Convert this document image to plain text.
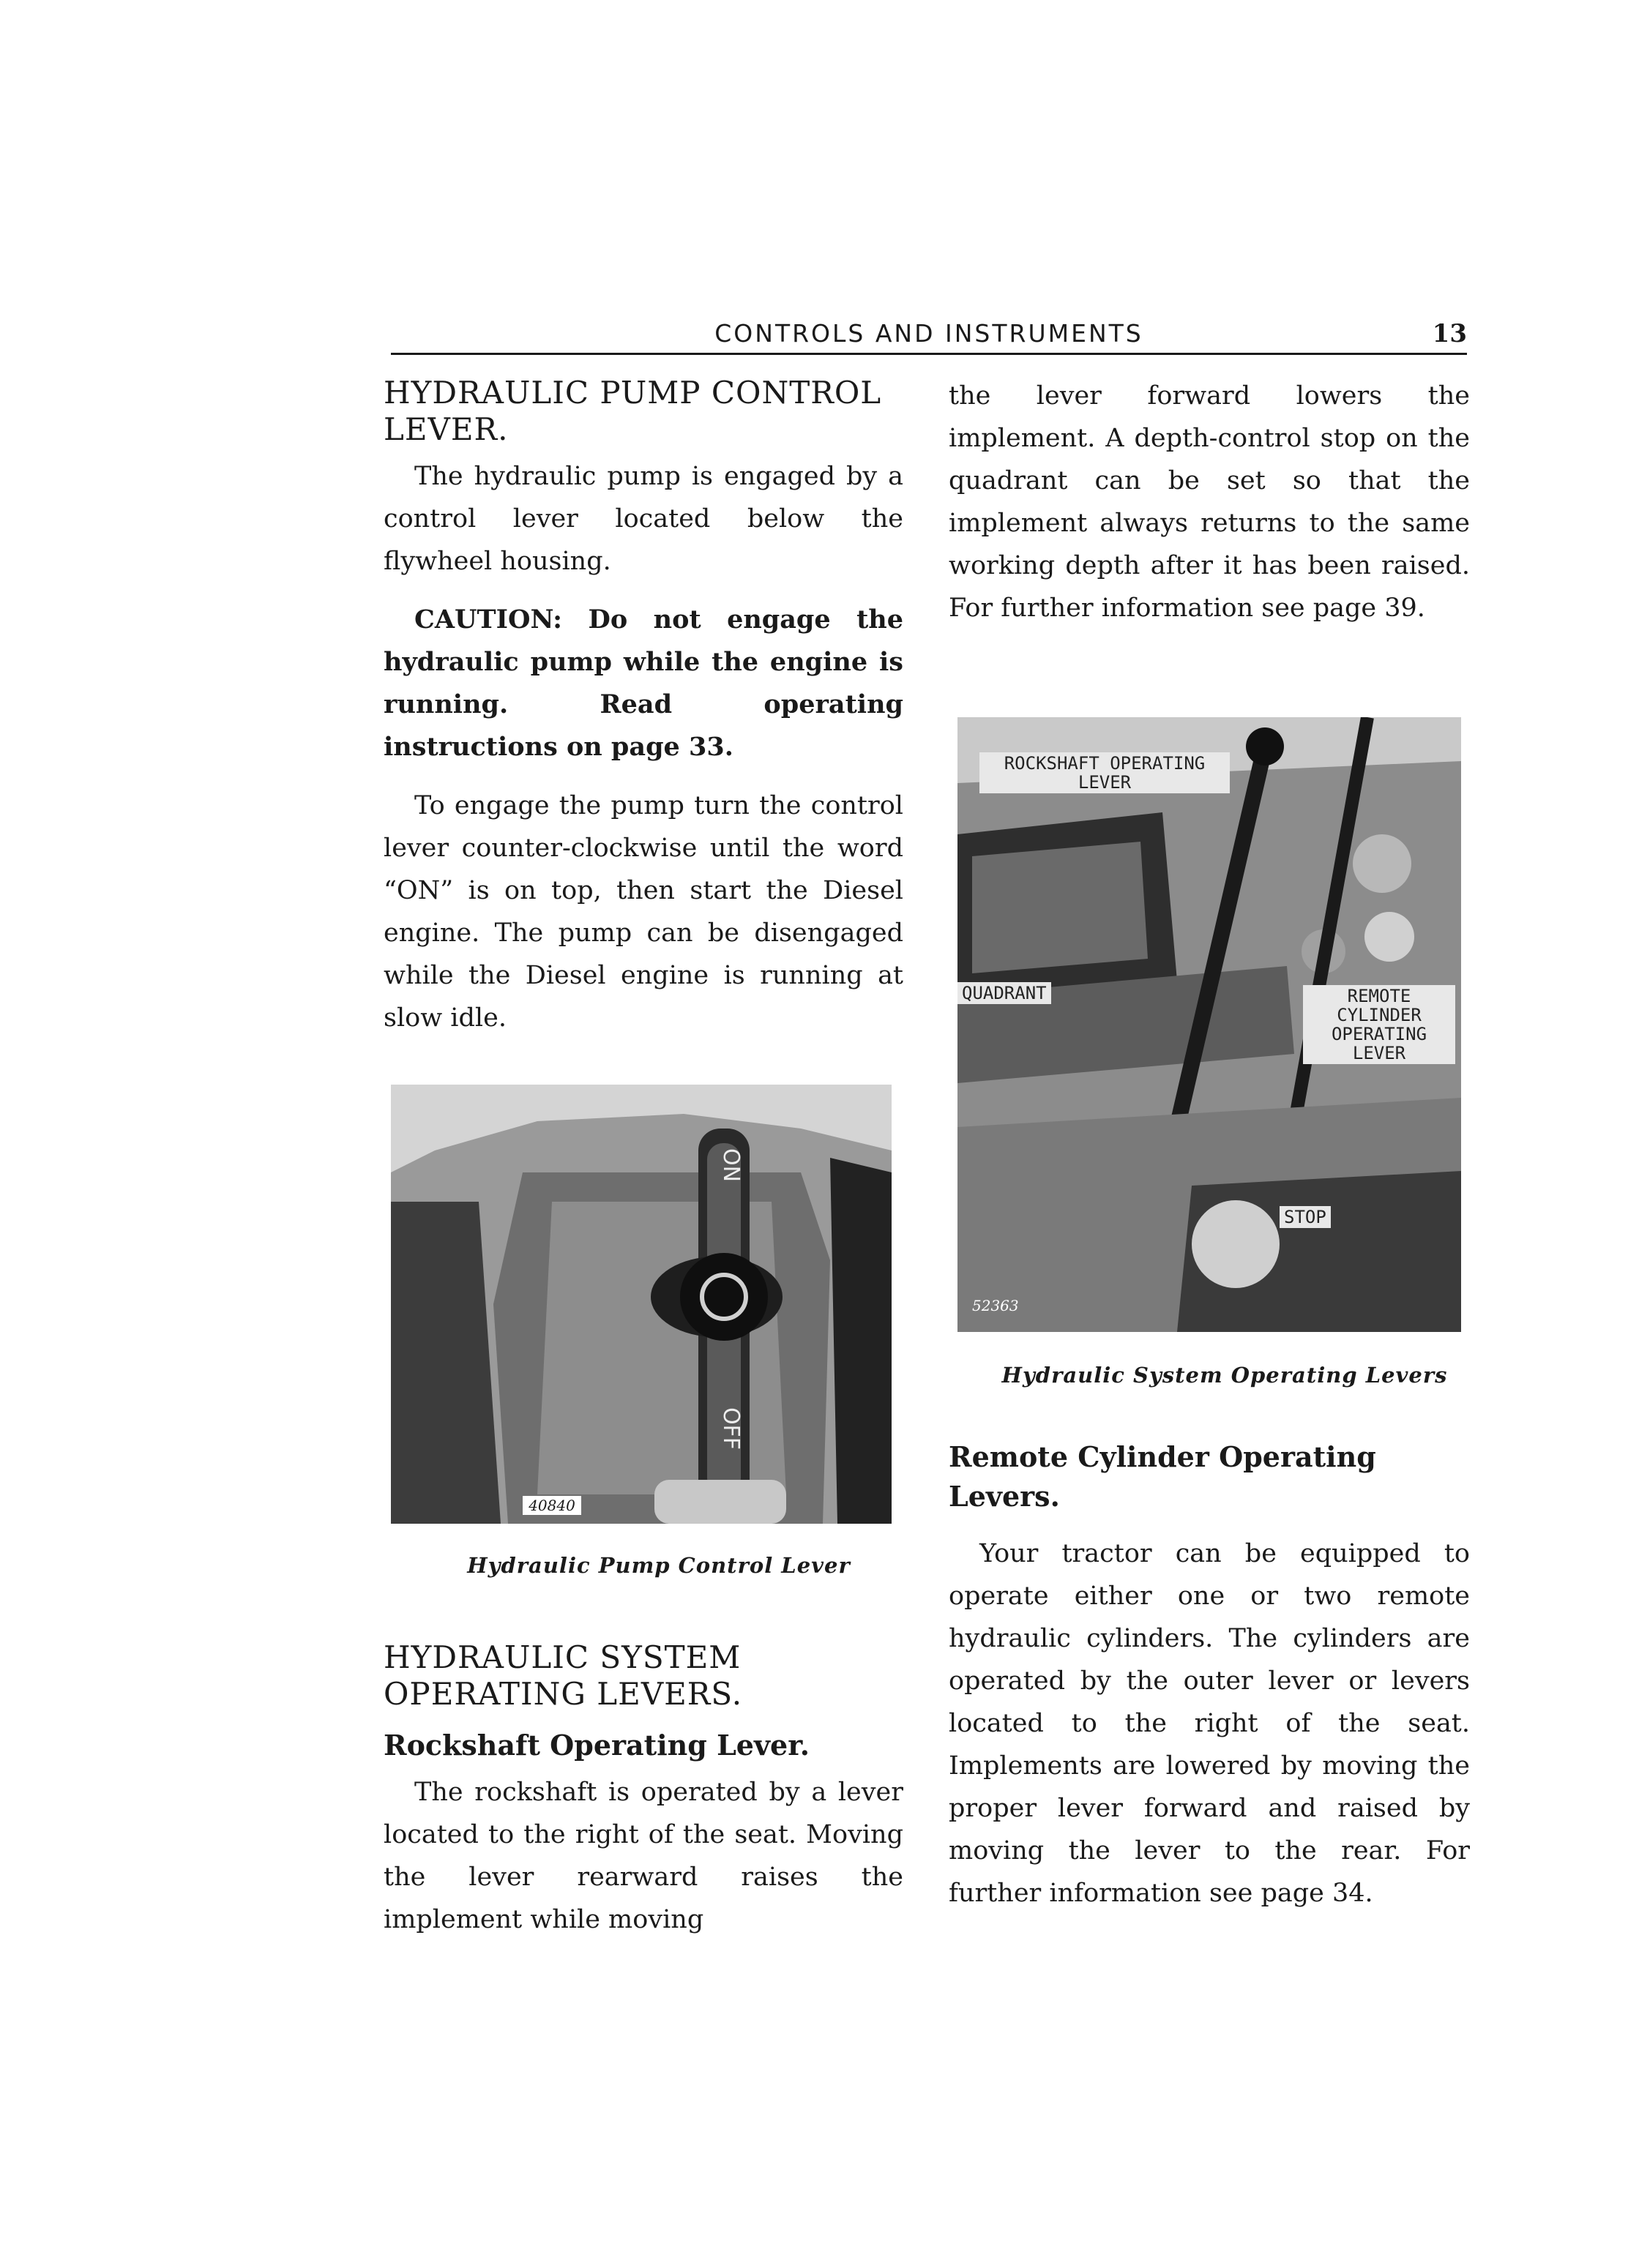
CONTROLS AND INSTRUMENTS	13
HYDRAULIC PUMP CONTROL LEVER.

The hydraulic pump is engaged by a control lever located below the flywheel housing.

CAUTION: Do not engage the hydraulic pump while the engine is running. Read operating instructions on page 33.

To engage the pump turn the control lever counter-clockwise until the word “ON” is on top, then start the Diesel engine. The pump can be disengaged while the Diesel engine is running at slow idle.

ON
OFF
40840

Hydraulic Pump Control Lever

HYDRAULIC SYSTEM OPERATING LEVERS.
Rockshaft Operating Lever.

The rockshaft is operated by a lever located to the right of the seat. Moving the lever rearward raises the implement while moving

the lever forward lowers the implement. A depth-control stop on the quadrant can be set so that the implement always returns to the same working depth after it has been raised. For further information see page 39.

ROCKSHAFT OPERATING LEVER
QUADRANT	REMOTE CYLINDER OPERATING LEVER
STOP
52363

Hydraulic System Operating Levers

Remote Cylinder Operating Levers.

Your tractor can be equipped to operate either one or two remote hydraulic cylinders. The cylinders are operated by the outer lever or levers located to the right of the seat. Implements are lowered by moving the proper lever forward and raised by moving the lever to the rear. For further information see page 34.
